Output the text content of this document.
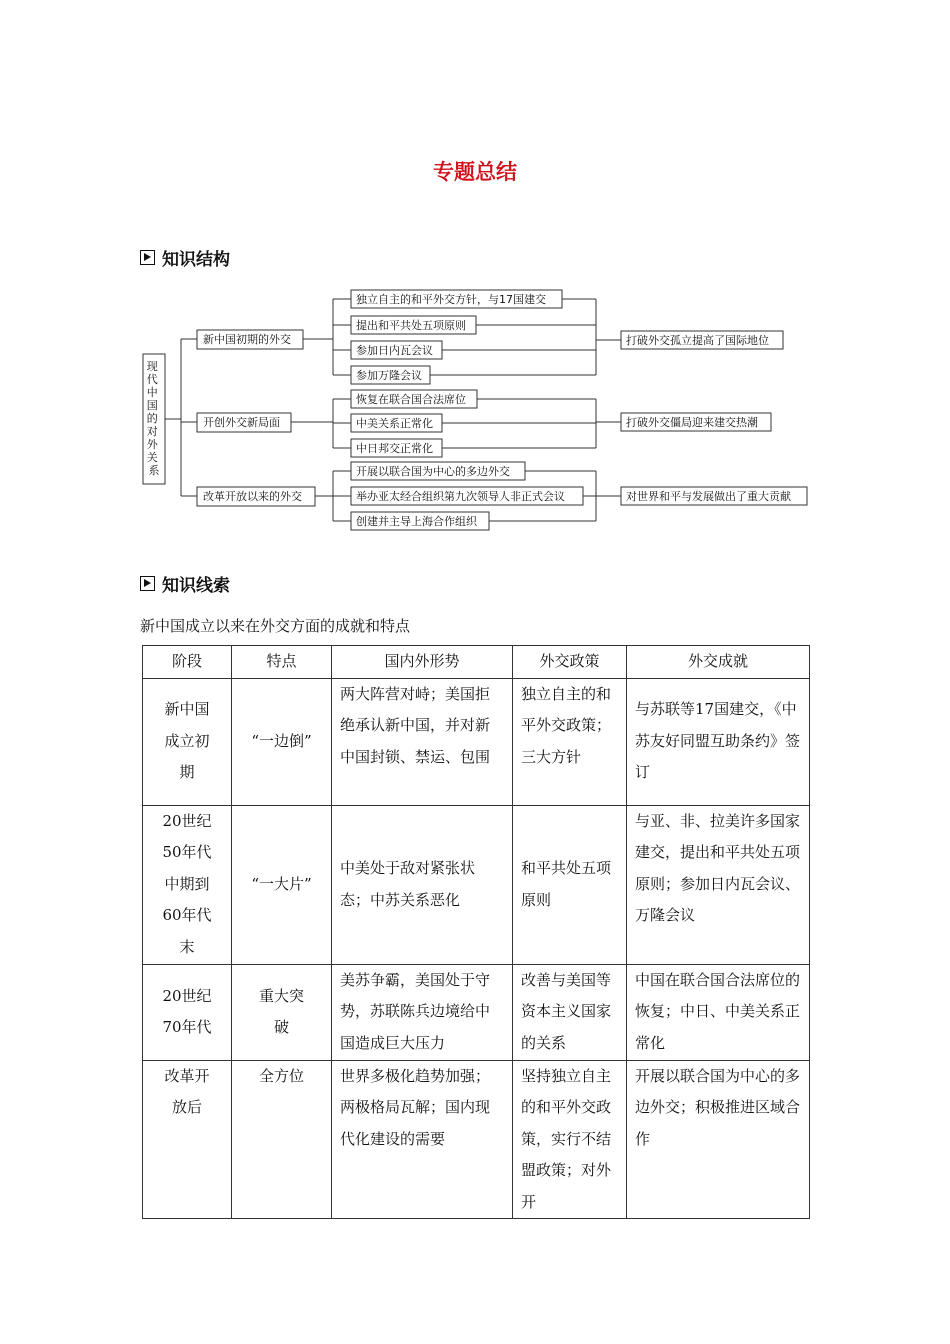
专题总结
知识结构
现 代 中 国 的 对 外 关 系
新中国初期的外交
开创外交新局面
改革开放以来的外交
独立自主的和平外交方针，与17国建交
提出和平共处五项原则
参加日内瓦会议
参加万隆会议
打破外交孤立提高了国际地位
恢复在联合国合法席位
中美关系正常化
中日邦交正常化
打破外交僵局迎来建交热潮
开展以联合国为中心的多边外交
举办亚太经合组织第九次领导人非正式会议
创建并主导上海合作组织
对世界和平与发展做出了重大贡献
知识线索
新中国成立以来在外交方面的成就和特点
阶段	特点	国内外形势	外交政策	外交成就
新中国成立初期	“一边倒”	两大阵营对峙；美国拒绝承认新中国，并对新中国封锁、禁运、包围	独立自主的和平外交政策；三大方针	与苏联等17国建交，《中苏友好同盟互助条约》签订
20世纪50年代中期到60年代末	“一大片”	中美处于敌对紧张状态；中苏关系恶化	和平共处五项原则	与亚、非、拉美许多国家建交，提出和平共处五项原则；参加日内瓦会议、万隆会议
20世纪70年代	重大突破	美苏争霸，美国处于守势，苏联陈兵边境给中国造成巨大压力	改善与美国等资本主义国家的关系	中国在联合国合法席位的恢复；中日、中美关系正常化
改革开放后	全方位	世界多极化趋势加强；两极格局瓦解；国内现代化建设的需要	坚持独立自主的和平外交政策，实行不结盟政策；对外开	开展以联合国为中心的多边外交；积极推进区域合作
